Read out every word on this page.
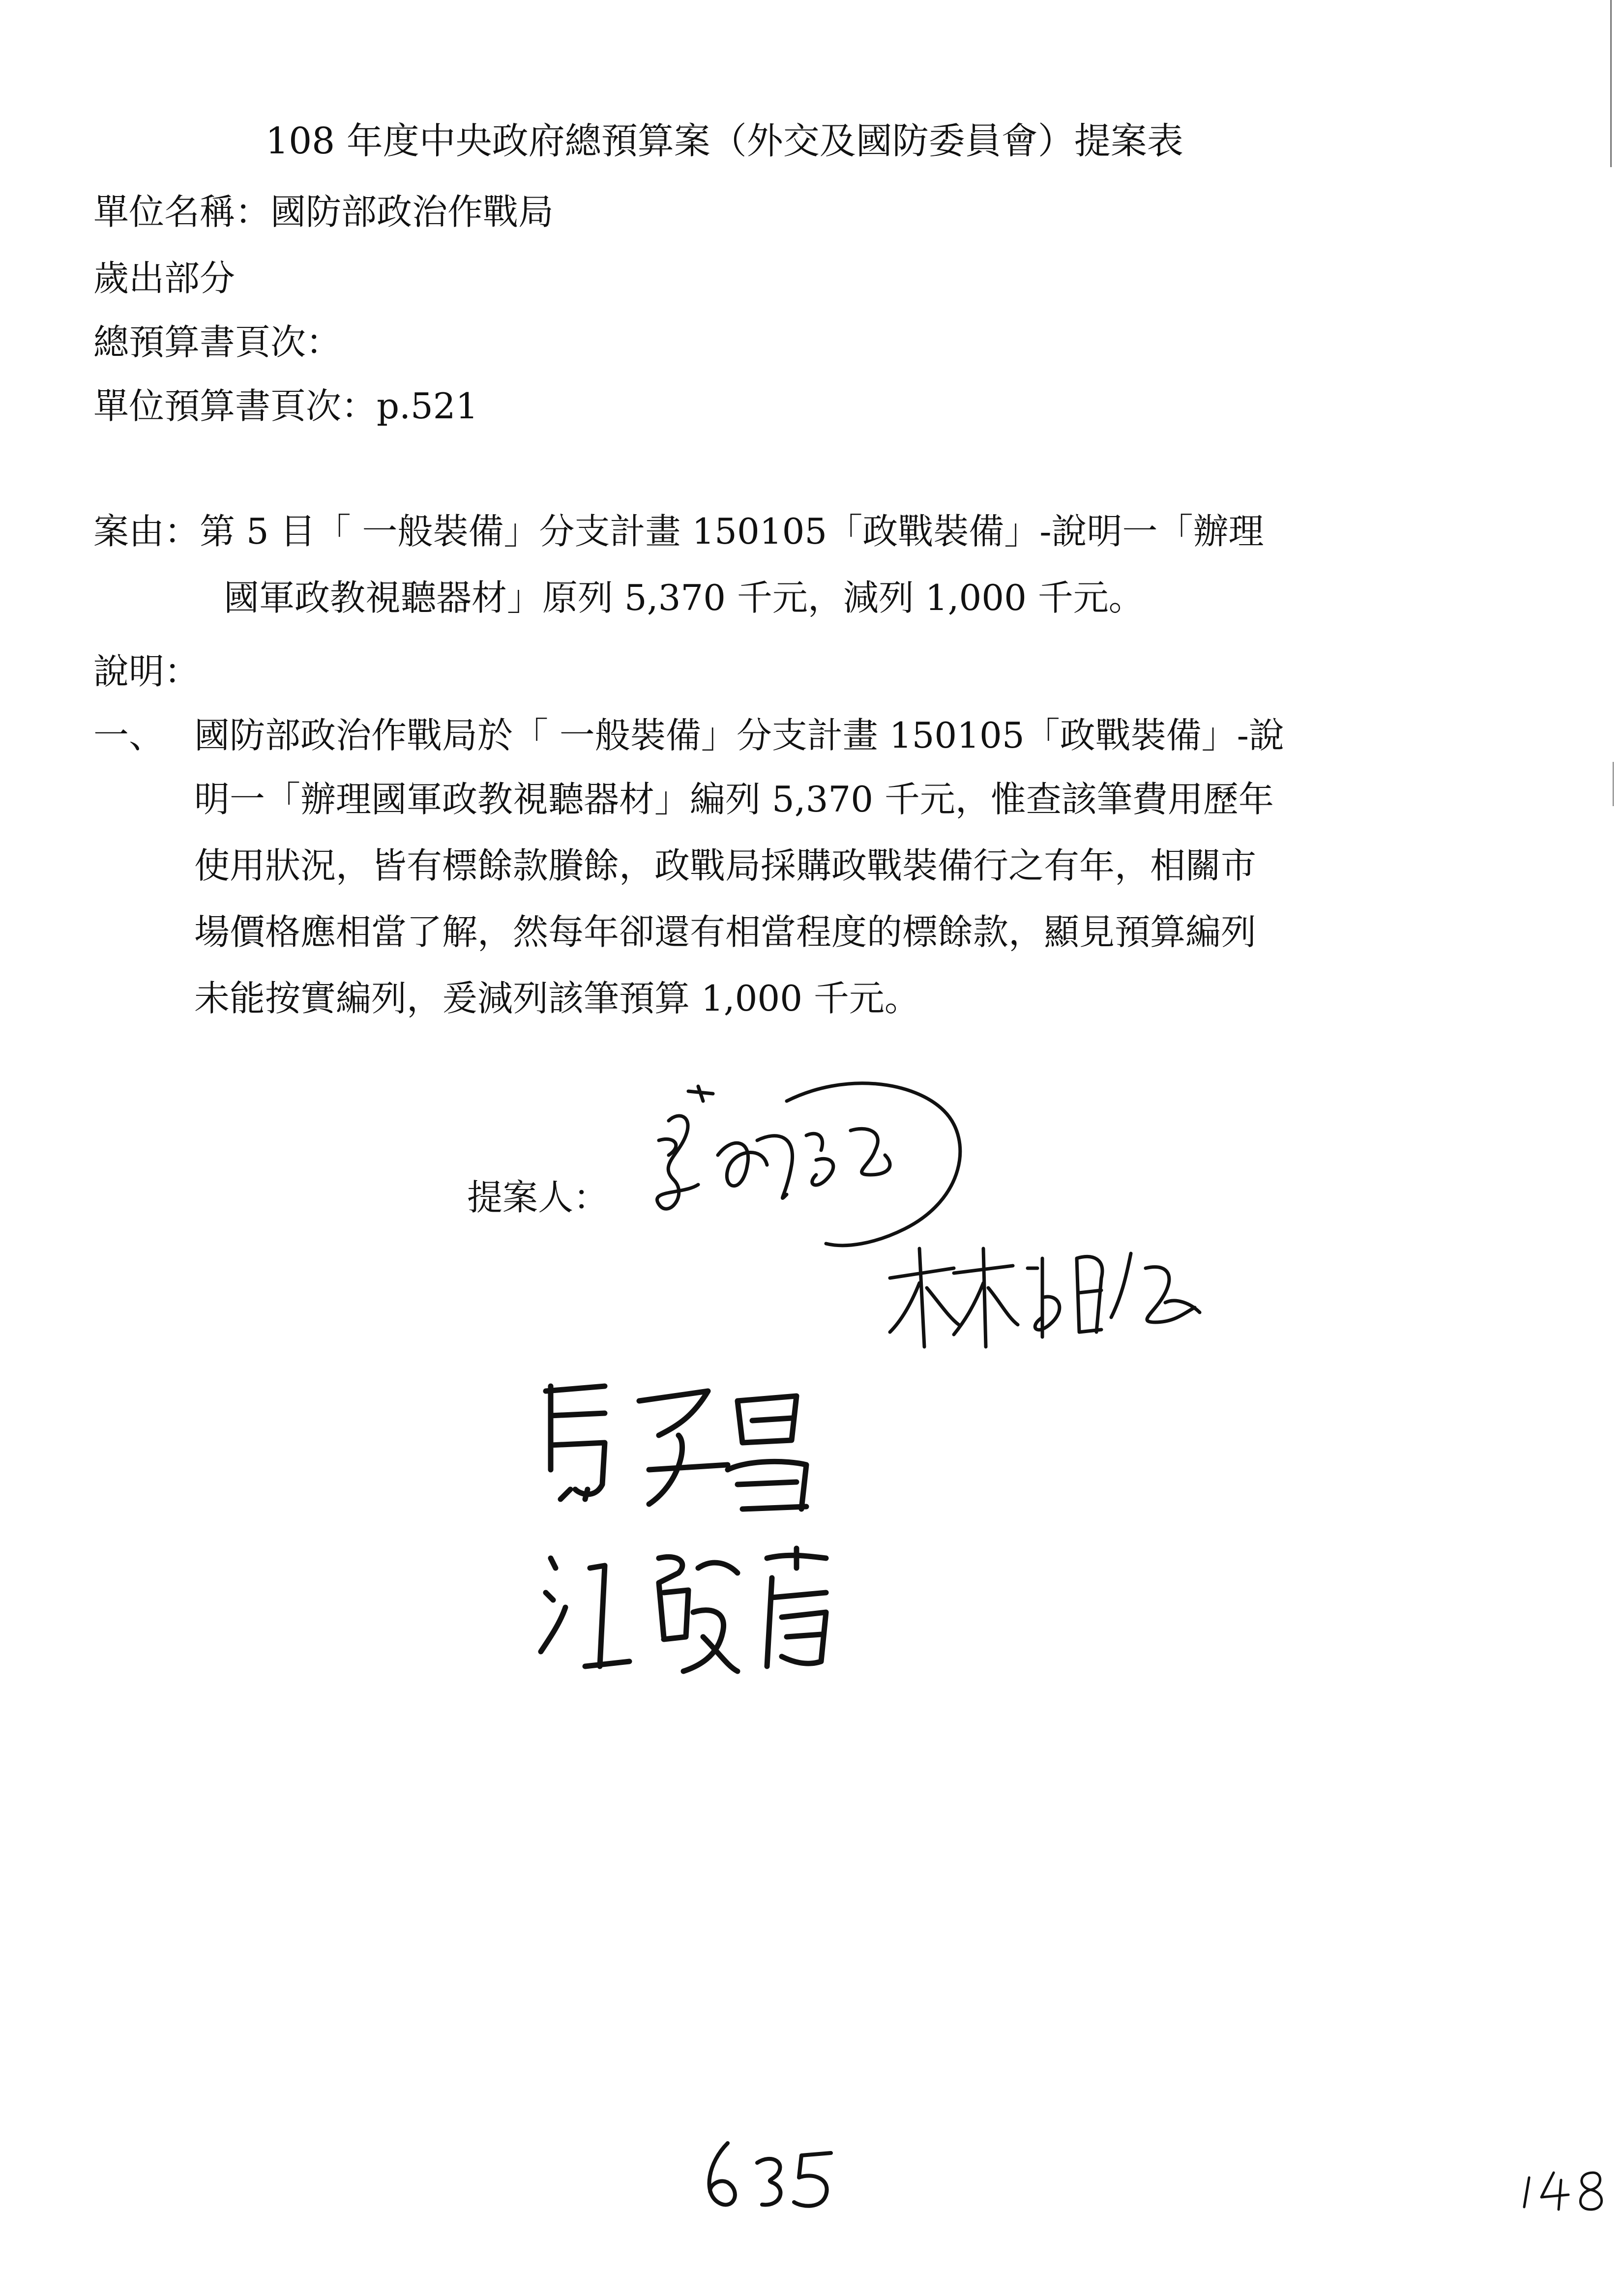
108 年度中央政府總預算案（外交及國防委員會）提案表
單位名稱：國防部政治作戰局
歲出部分
總預算書頁次：
單位預算書頁次：p.521
案由：第 5 目「 一般裝備」分支計畫 150105「政戰裝備」-說明一「辦理
國軍政教視聽器材」原列 5,370 千元，減列 1,000 千元。
說明：
一、 國防部政治作戰局於「 一般裝備」分支計畫 150105「政戰裝備」-說
明一「辦理國軍政教視聽器材」編列 5,370 千元，惟查該筆費用歷年
使用狀況，皆有標餘款賸餘，政戰局採購政戰裝備行之有年，相關市
場價格應相當了解，然每年卻還有相當程度的標餘款，顯見預算編列
未能按實編列，爰減列該筆預算 1,000 千元。
提案人：
